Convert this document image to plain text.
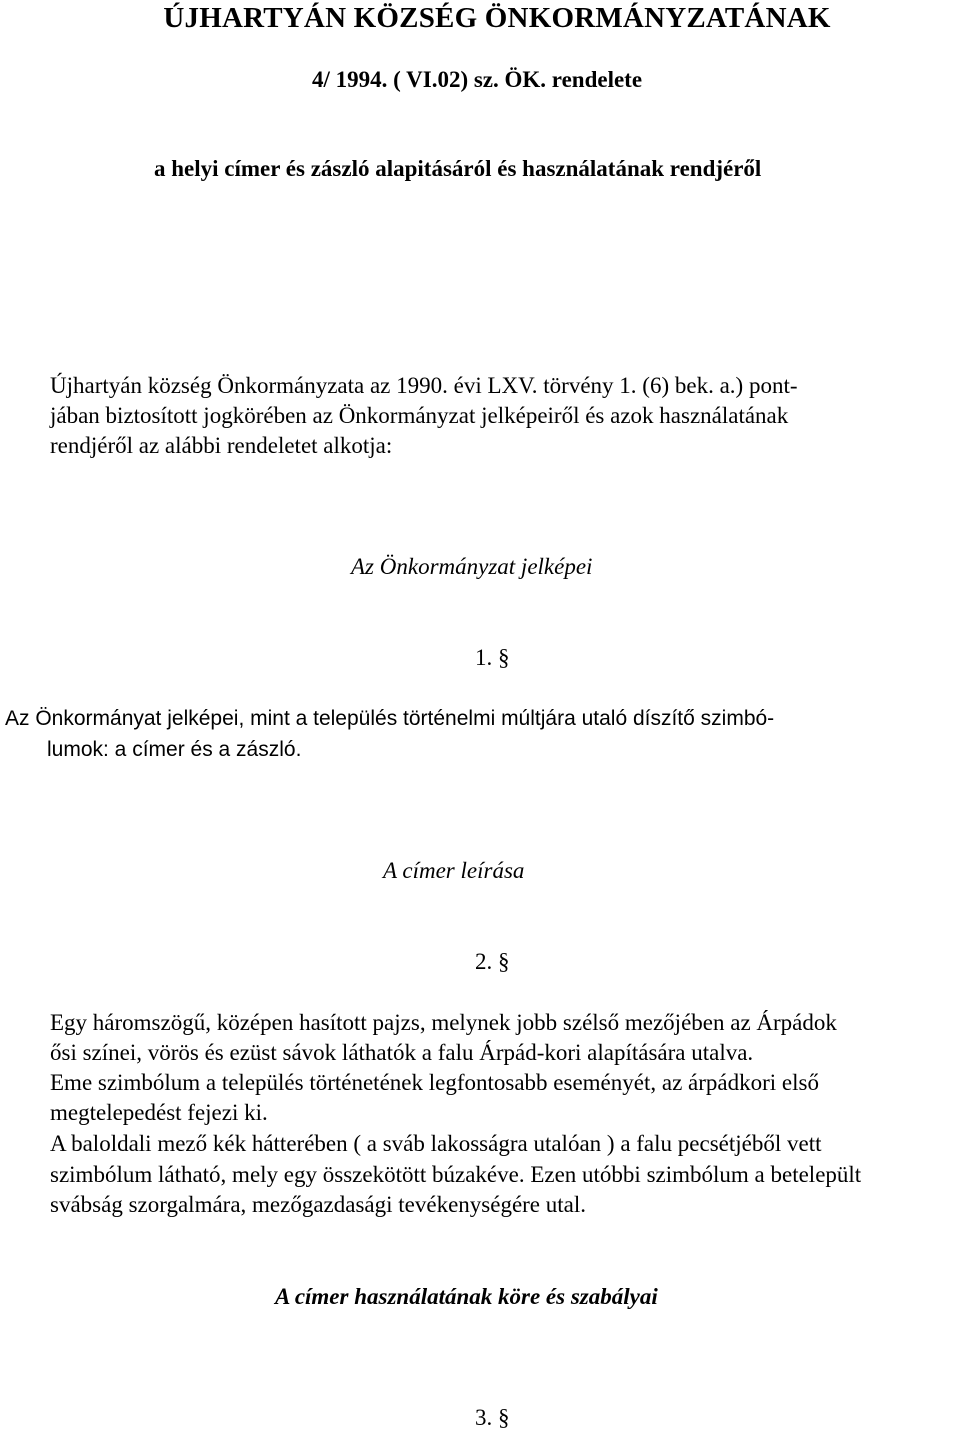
ÚJHARTYÁN KÖZSÉG ÖNKORMÁNYZATÁNAK
4/ 1994. ( VI.02) sz. ÖK. rendelete
a helyi címer és zászló alapitásáról és használatának rendjéről
Újhartyán község Önkormányzata az 1990. évi LXV. törvény 1. (6) bek. a.) pont-
jában biztosított jogkörében az Önkormányzat jelképeiről és azok használatának
rendjéről az alábbi rendeletet alkotja:
Az Önkormányzat jelképei
1. §
Az Önkormányat jelképei, mint a település történelmi múltjára utaló díszítő szimbó-
lumok: a címer és a zászló.
A címer leírása
2. §
Egy háromszögű, középen hasított pajzs, melynek jobb szélső mezőjében az Árpádok
ősi színei, vörös és ezüst sávok láthatók a falu Árpád-kori alapítására utalva.
Eme szimbólum a település történetének legfontosabb eseményét, az árpádkori első
megtelepedést fejezi ki.
A baloldali mező kék hátterében ( a sváb lakosságra utalóan ) a falu pecsétjéből vett
szimbólum látható, mely egy összekötött búzakéve. Ezen utóbbi szimbólum a betelepült
svábság szorgalmára, mezőgazdasági tevékenységére utal.
A címer használatának köre és szabályai
3. §
